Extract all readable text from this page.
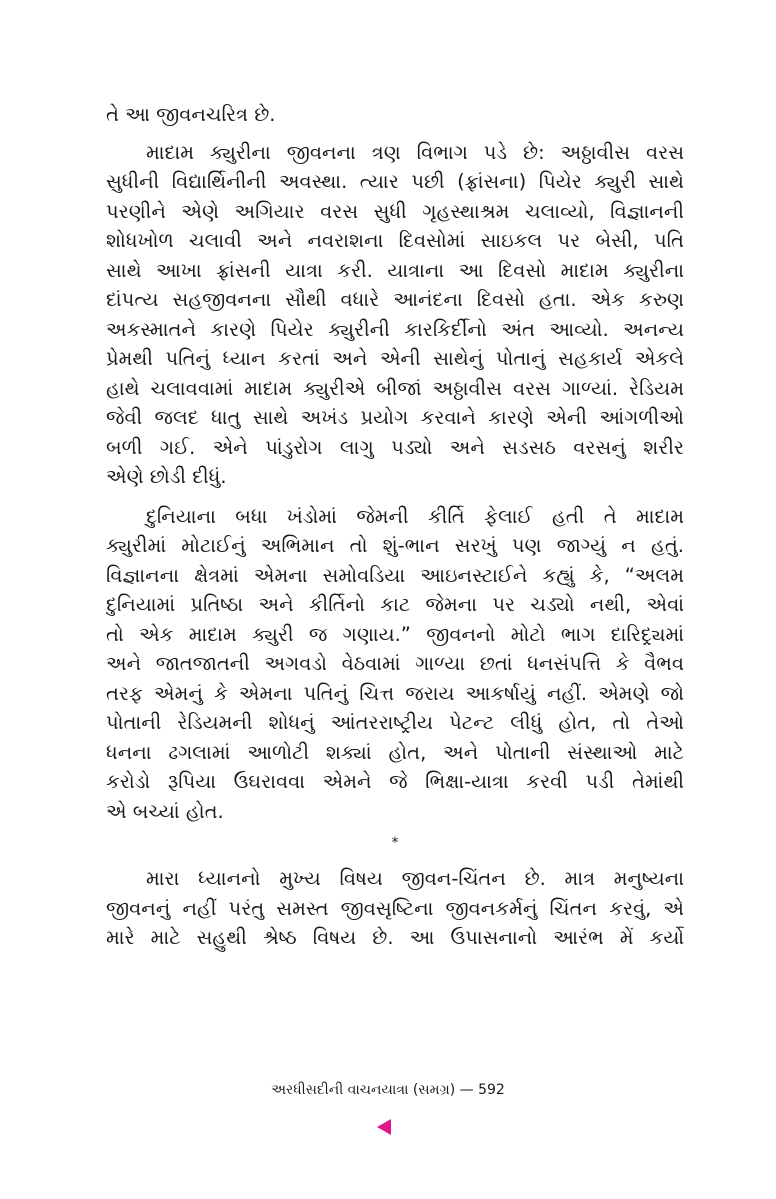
તે આ જીવનચરિત્ર છે.
માદામ ક્યુરીના જીવનના ત્રણ વિભાગ પડે છે: અઠ્ઠાવીસ વરસ
સુધીની વિદ્યાર્થિનીની અવસ્થા. ત્યાર પછી (ફ્રાંસના) પિયેર ક્યુરી સાથે
પરણીને એણે અગિયાર વરસ સુધી ગૃહસ્થાશ્રમ ચલાવ્યો, વિજ્ઞાનની
શોધખોળ ચલાવી અને નવરાશના દિવસોમાં સાઇકલ પર બેસી, પતિ
સાથે આખા ફ્રાંસની યાત્રા કરી. યાત્રાના આ દિવસો માદામ ક્યુરીના
દાંપત્ય સહજીવનના સૌથી વધારે આનંદના દિવસો હતા. એક કરુણ
અકસ્માતને કારણે પિયેર ક્યુરીની કારકિર્દીનો અંત આવ્યો. અનન્ય
પ્રેમથી પતિનું ધ્યાન કરતાં અને એની સાથેનું પોતાનું સહકાર્ય એકલે
હાથે ચલાવવામાં માદામ ક્યુરીએ બીજાં અઠ્ઠાવીસ વરસ ગાળ્યાં. રેડિયમ
જેવી જલદ ધાતુ સાથે અખંડ પ્રયોગ કરવાને કારણે એની આંગળીઓ
બળી ગઈ. એને પાંડુરોગ લાગુ પડ્યો અને સડસઠ વરસનું શરીર
એણે છોડી દીધું.
દુનિયાના બધા ખંડોમાં જેમની કીર્તિ ફેલાઈ હતી તે માદામ
ક્યુરીમાં મોટાઈનું અભિમાન તો શું-ભાન સરખું પણ જાગ્યું ન હતું.
વિજ્ઞાનના ક્ષેત્રમાં એમના સમોવડિયા આઇનસ્ટાઈને કહ્યું કે, “અલમ
દુનિયામાં પ્રતિષ્ઠા અને કીર્તિનો કાટ જેમના પર ચડ્યો નથી, એવાં
તો એક માદામ ક્યુરી જ ગણાય.” જીવનનો મોટો ભાગ દારિદ્ર્યમાં
અને જાતજાતની અગવડો વેઠવામાં ગાળ્યા છતાં ધનસંપત્તિ કે વૈભવ
તરફ એમનું કે એમના પતિનું ચિત્ત જરાય આકર્ષાયું નહીં. એમણે જો
પોતાની રેડિયમની શોધનું આંતરરાષ્ટ્રીય પેટન્ટ લીધું હોત, તો તેઓ
ધનના ઢગલામાં આળોટી શક્યાં હોત, અને પોતાની સંસ્થાઓ માટે
કરોડો રૂપિયા ઉઘરાવવા એમને જે ભિક્ષા-યાત્રા કરવી પડી તેમાંથી
એ બચ્યાં હોત.
*
મારા ધ્યાનનો મુખ્ય વિષય જીવન-ચિંતન છે. માત્ર મનુષ્યના
જીવનનું નહીં પરંતુ સમસ્ત જીવસૃષ્ટિના જીવનકર્મનું ચિંતન કરવું, એ
મારે માટે સહુથી શ્રેષ્ઠ વિષય છે. આ ઉપાસનાનો આરંભ મેં કર્યો
અરધીસદીની વાચનયાત્રા (સમગ્ર) — 592
